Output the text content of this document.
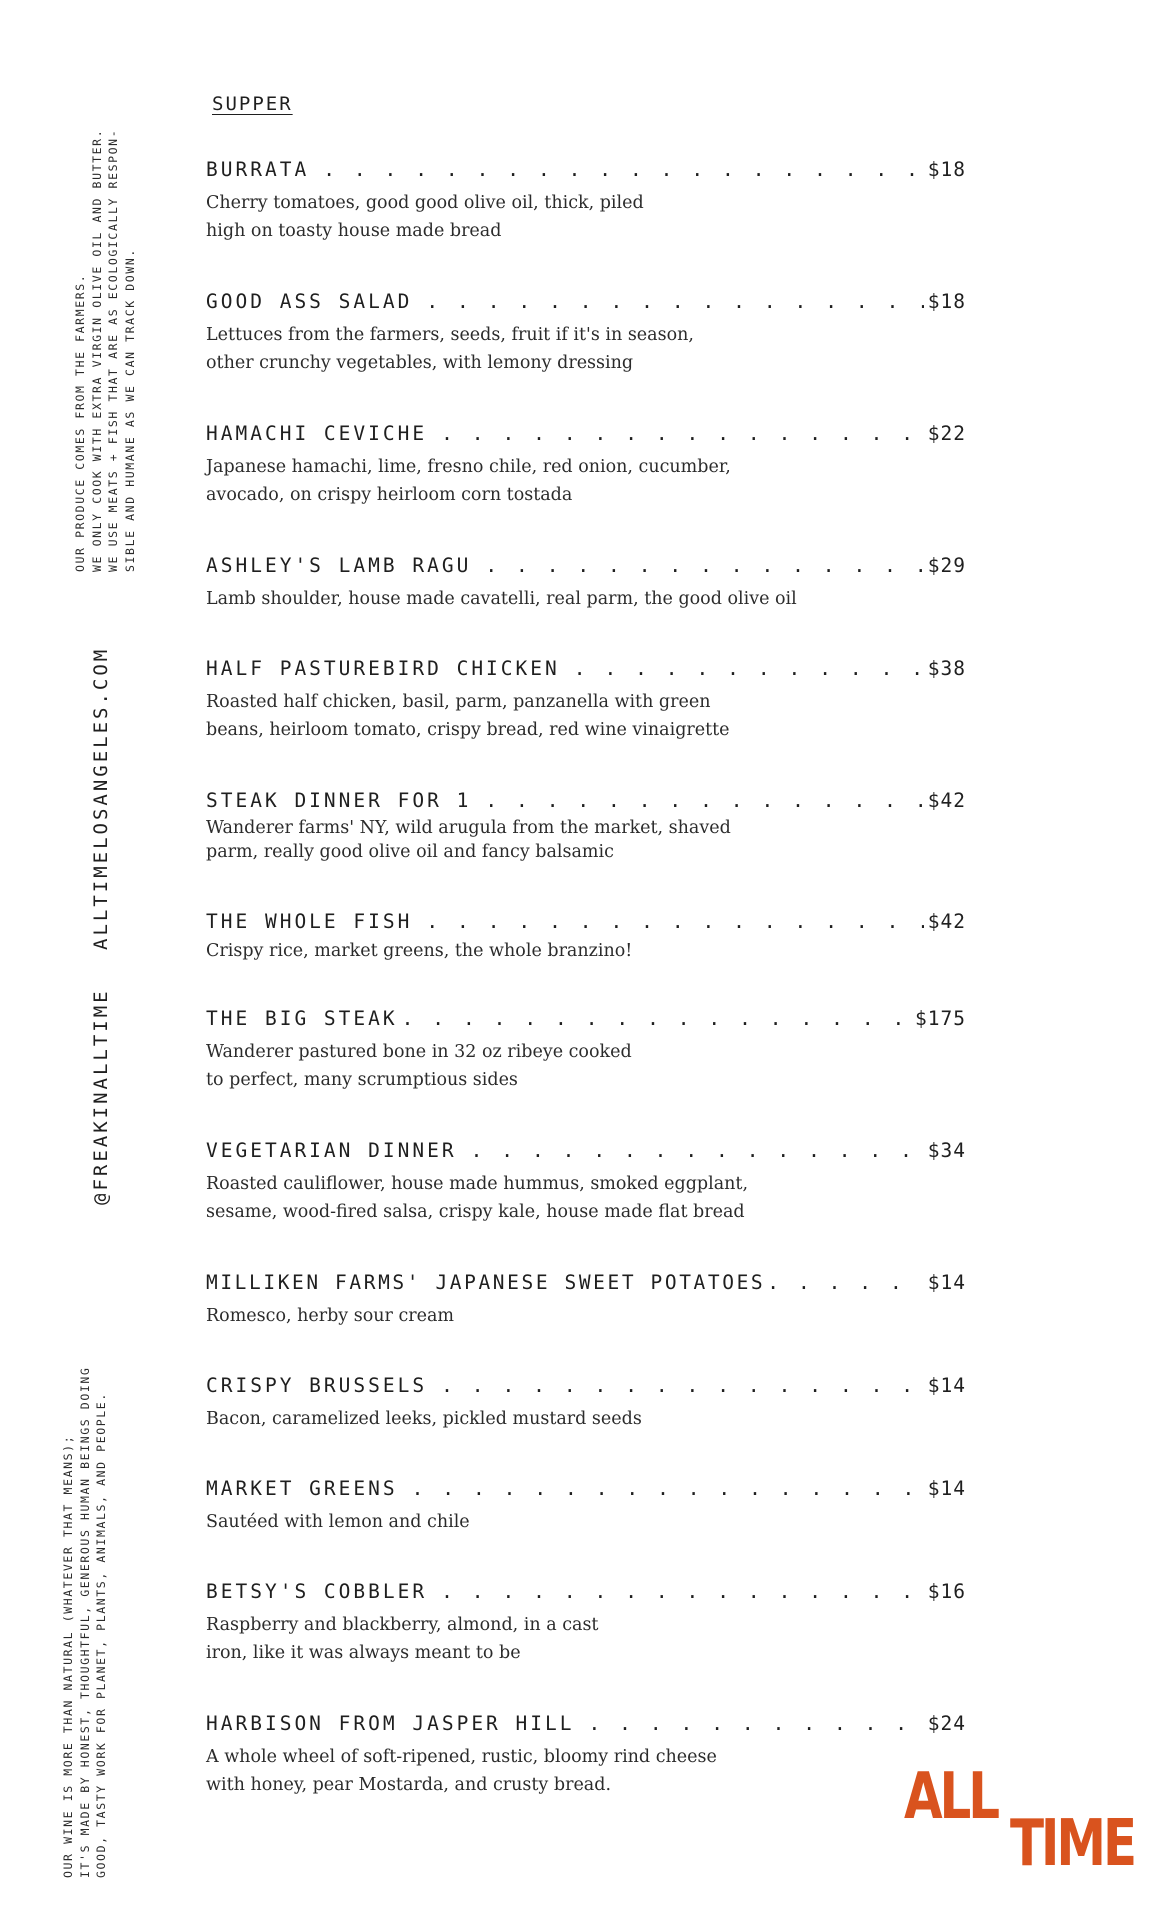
OUR PRODUCE COMES FROM THE FARMERS. WE ONLY COOK WITH EXTRA VIRGIN OLIVE OIL AND BUTTER. WE USE MEATS + FISH THAT ARE AS ECOLOGICALLY RESPON- SIBLE AND HUMANE AS WE CAN TRACK DOWN.
ALLTIMELOSANGELES.COM
@FREAKINALLTIME
OUR WINE IS MORE THAN NATURAL (WHATEVER THAT MEANS); IT'S MADE BY HONEST, THOUGHTFUL, GENEROUS HUMAN BEINGS DOING GOOD, TASTY WORK FOR PLANET, PLANTS, ANIMALS, AND PEOPLE.
SUPPER
BURRATA . . .	$18
Cherry tomatoes, good good olive oil, thick, piled
high on toasty house made bread
GOOD ASS SALAD . . .	$18
Lettuces from the farmers, seeds, fruit if it's in season,
other crunchy vegetables, with lemony dressing
HAMACHI CEVICHE . . .	$22
Japanese hamachi, lime, fresno chile, red onion, cucumber,
avocado, on crispy heirloom corn tostada
ASHLEY'S LAMB RAGU . . .	$29
Lamb shoulder, house made cavatelli, real parm, the good olive oil
HALF PASTUREBIRD CHICKEN . . .	$38
Roasted half chicken, basil, parm, panzanella with green
beans, heirloom tomato, crispy bread, red wine vinaigrette
STEAK DINNER FOR 1 . . .	$42
Wanderer farms' NY, wild arugula from the market, shaved
parm, really good olive oil and fancy balsamic
THE WHOLE FISH . . .	$42
Crispy rice, market greens, the whole branzino!
THE BIG STEAK . . .	$175
Wanderer pastured bone in 32 oz ribeye cooked
to perfect, many scrumptious sides
VEGETARIAN DINNER . . .	$34
Roasted cauliflower, house made hummus, smoked eggplant,
sesame, wood-fired salsa, crispy kale, house made flat bread
MILLIKEN FARMS' JAPANESE SWEET POTATOES . . .	$14
Romesco, herby sour cream
CRISPY BRUSSELS . . .	$14
Bacon, caramelized leeks, pickled mustard seeds
MARKET GREENS . . .	$14
Sautéed with lemon and chile
BETSY'S COBBLER . . .	$16
Raspberry and blackberry, almond, in a cast
iron, like it was always meant to be
HARBISON FROM JASPER HILL . . .	$24
A whole wheel of soft-ripened, rustic, bloomy rind cheese
with honey, pear Mostarda, and crusty bread.	ALL
TIME
